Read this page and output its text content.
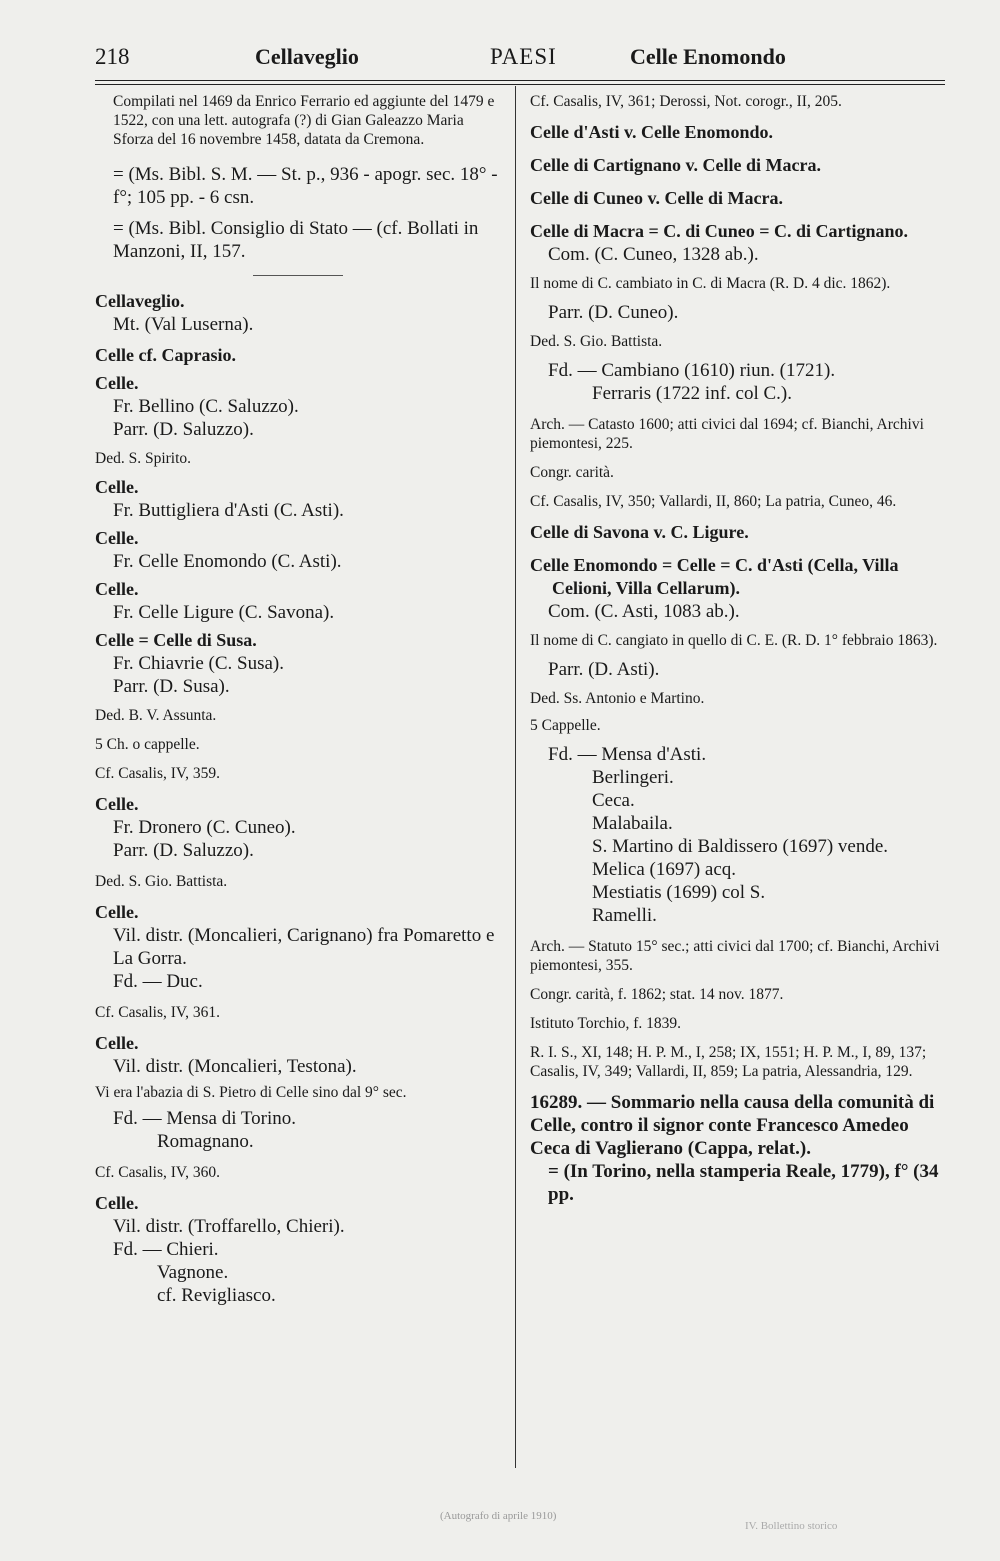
218	Cellaveglio	PAESI	Celle Enomondo
Compilati nel 1469 da Enrico Ferrario ed aggiunte del 1479 e 1522, con una lett. autografa (?) di Gian Galeazzo Maria Sforza del 16 novembre 1458, datata da Cremona.
= (Ms. Bibl. S. M. — St. p., 936 - apogr. sec. 18° - f°; 105 pp. - 6 csn.
= (Ms. Bibl. Consiglio di Stato — (cf. Bollati in Manzoni, II, 157.
Cellaveglio.
Mt. (Val Luserna).
Celle cf. Caprasio.
Celle.
Fr. Bellino (C. Saluzzo).
Parr. (D. Saluzzo).
Ded. S. Spirito.
Celle.
Fr. Buttigliera d'Asti (C. Asti).
Celle.
Fr. Celle Enomondo (C. Asti).
Celle.
Fr. Celle Ligure (C. Savona).
Celle = Celle di Susa.
Fr. Chiavrie (C. Susa).
Parr. (D. Susa).
Ded. B. V. Assunta.
5 Ch. o cappelle.
Cf. Casalis, IV, 359.
Celle.
Fr. Dronero (C. Cuneo).
Parr. (D. Saluzzo).
Ded. S. Gio. Battista.
Celle.
Vil. distr. (Moncalieri, Carignano) fra Pomaretto e La Gorra.
Fd. — Duc.
Cf. Casalis, IV, 361.
Celle.
Vil. distr. (Moncalieri, Testona).
Vi era l'abazia di S. Pietro di Celle sino dal 9° sec.
Fd. — Mensa di Torino.
Romagnano.
Cf. Casalis, IV, 360.
Celle.
Vil. distr. (Troffarello, Chieri).
Fd. — Chieri.
Vagnone.
cf. Revigliasco.
Cf. Casalis, IV, 361; Derossi, Not. corogr., II, 205.
Celle d'Asti v. Celle Enomondo.
Celle di Cartignano v. Celle di Macra.
Celle di Cuneo v. Celle di Macra.
Celle di Macra = C. di Cuneo = C. di Cartignano.
Com. (C. Cuneo, 1328 ab.).
Il nome di C. cambiato in C. di Macra (R. D. 4 dic. 1862).
Parr. (D. Cuneo).
Ded. S. Gio. Battista.
Fd. — Cambiano (1610) riun. (1721).
Ferraris (1722 inf. col C.).
Arch. — Catasto 1600; atti civici dal 1694; cf. Bianchi, Archivi piemontesi, 225.
Congr. carità.
Cf. Casalis, IV, 350; Vallardi, II, 860; La patria, Cuneo, 46.
Celle di Savona v. C. Ligure.
Celle Enomondo = Celle = C. d'Asti (Cella, Villa Celioni, Villa Cellarum).
Com. (C. Asti, 1083 ab.).
Il nome di C. cangiato in quello di C. E. (R. D. 1° febbraio 1863).
Parr. (D. Asti).
Ded. Ss. Antonio e Martino.
5 Cappelle.
Fd. — Mensa d'Asti.
Berlingeri.
Ceca.
Malabaila.
S. Martino di Baldissero (1697) vende.
Melica (1697) acq.
Mestiatis (1699) col S.
Ramelli.
Arch. — Statuto 15° sec.; atti civici dal 1700; cf. Bianchi, Archivi piemontesi, 355.
Congr. carità, f. 1862; stat. 14 nov. 1877.
Istituto Torchio, f. 1839.
R. I. S., XI, 148; H. P. M., I, 258; IX, 1551; H. P. M., I, 89, 137; Casalis, IV, 349; Vallardi, II, 859; La patria, Alessandria, 129.
16289. — Sommario nella causa della comunità di Celle, contro il signor conte Francesco Amedeo Ceca di Vaglierano (Cappa, relat.).
= (In Torino, nella stamperia Reale, 1779), f° (34 pp.
(Autografo di aprile 1910)
IV. Bollettino storico
